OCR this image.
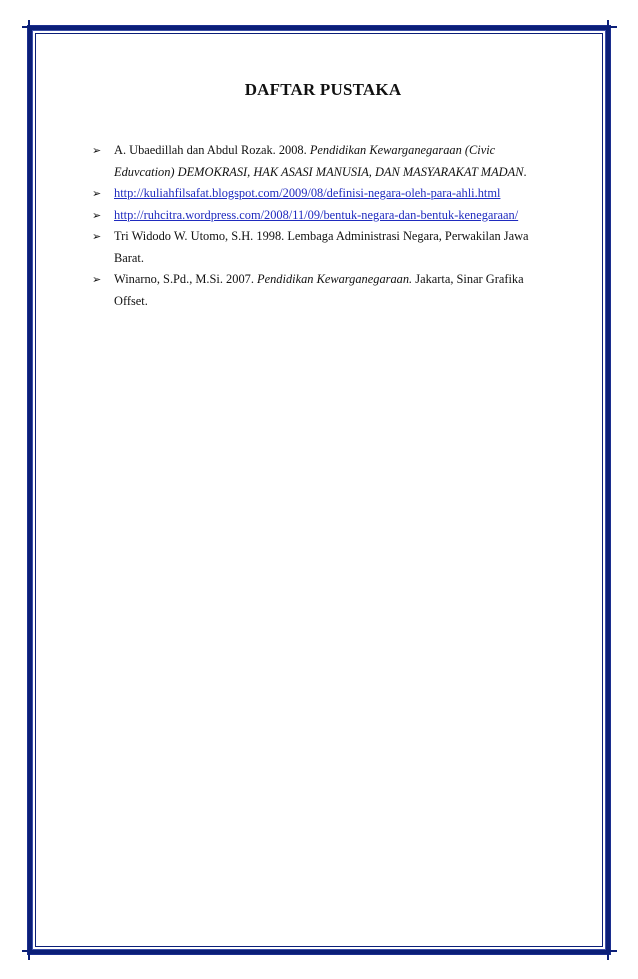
DAFTAR PUSTAKA
➢ A. Ubaedillah dan Abdul Rozak. 2008. Pendidikan Kewarganegaraan (Civic Eduvcation) DEMOKRASI, HAK ASASI MANUSIA, DAN MASYARAKAT MADAN.
➢ http://kuliahfilsafat.blogspot.com/2009/08/definisi-negara-oleh-para-ahli.html
➢ http://ruhcitra.wordpress.com/2008/11/09/bentuk-negara-dan-bentuk-kenegaraan/
➢ Tri Widodo W. Utomo, S.H. 1998. Lembaga Administrasi Negara, Perwakilan Jawa Barat.
➢ Winarno, S.Pd., M.Si. 2007. Pendidikan Kewarganegaraan. Jakarta, Sinar Grafika Offset.
